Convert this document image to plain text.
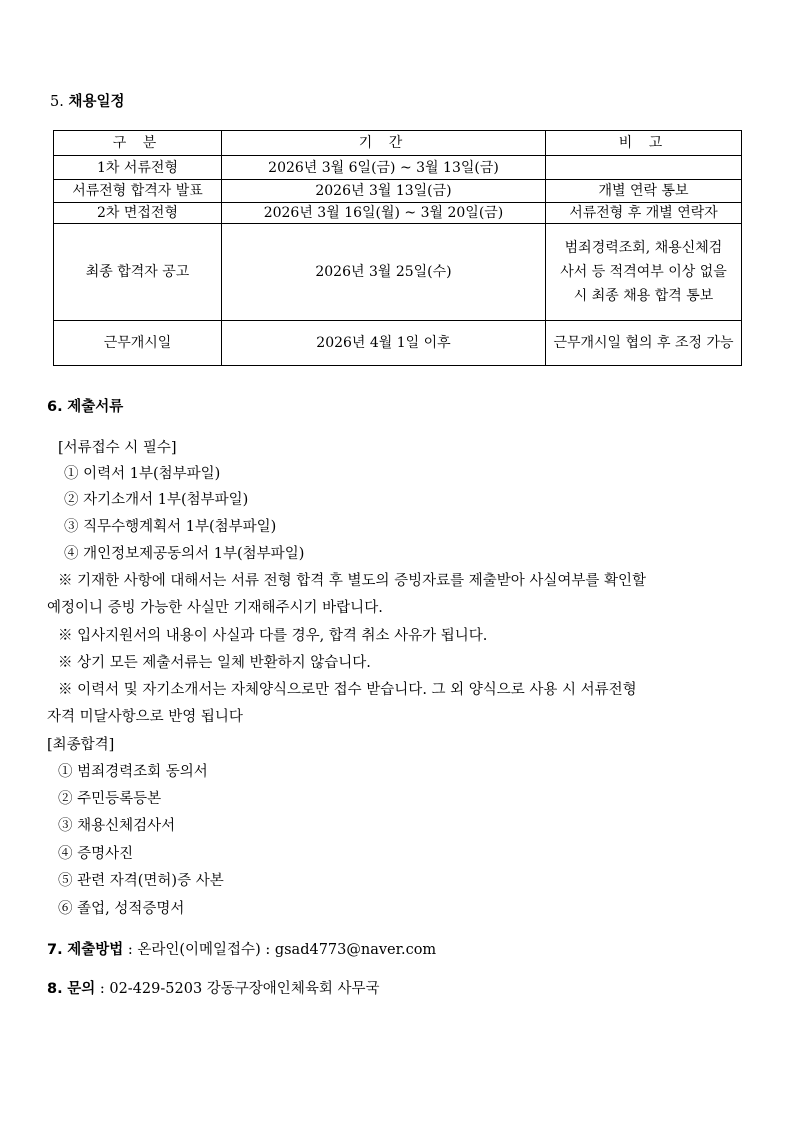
5. 채용일정
구 분	기 간	비 고
1차 서류전형	2026년 3월 6일(금) ~ 3월 13일(금)	
서류전형 합격자 발표	2026년 3월 13일(금)	개별 연락 통보
2차 면접전형	2026년 3월 16일(월) ~ 3월 20일(금)	서류전형 후 개별 연락자
최종 합격자 공고	2026년 3월 25일(수)	범죄경력조회, 채용신체검사서 등 적격여부 이상 없을시 최종 채용 합격 통보
근무개시일	2026년 4월 1일 이후	근무개시일 협의 후 조정 가능
6. 제출서류
[서류접수 시 필수]
① 이력서 1부(첨부파일)
② 자기소개서 1부(첨부파일)
③ 직무수행계획서 1부(첨부파일)
④ 개인정보제공동의서 1부(첨부파일)
※ 기재한 사항에 대해서는 서류 전형 합격 후 별도의 증빙자료를 제출받아 사실여부를 확인할
예정이니 증빙 가능한 사실만 기재해주시기 바랍니다.
※ 입사지원서의 내용이 사실과 다를 경우, 합격 취소 사유가 됩니다.
※ 상기 모든 제출서류는 일체 반환하지 않습니다.
※ 이력서 및 자기소개서는 자체양식으로만 접수 받습니다. 그 외 양식으로 사용 시 서류전형
자격 미달사항으로 반영 됩니다
[최종합격]
① 범죄경력조회 동의서
② 주민등록등본
③ 채용신체검사서
④ 증명사진
⑤ 관련 자격(면허)증 사본
⑥ 졸업, 성적증명서
7. 제출방법 : 온라인(이메일접수) : gsad4773@naver.com
8. 문의 : 02-429-5203 강동구장애인체육회 사무국
